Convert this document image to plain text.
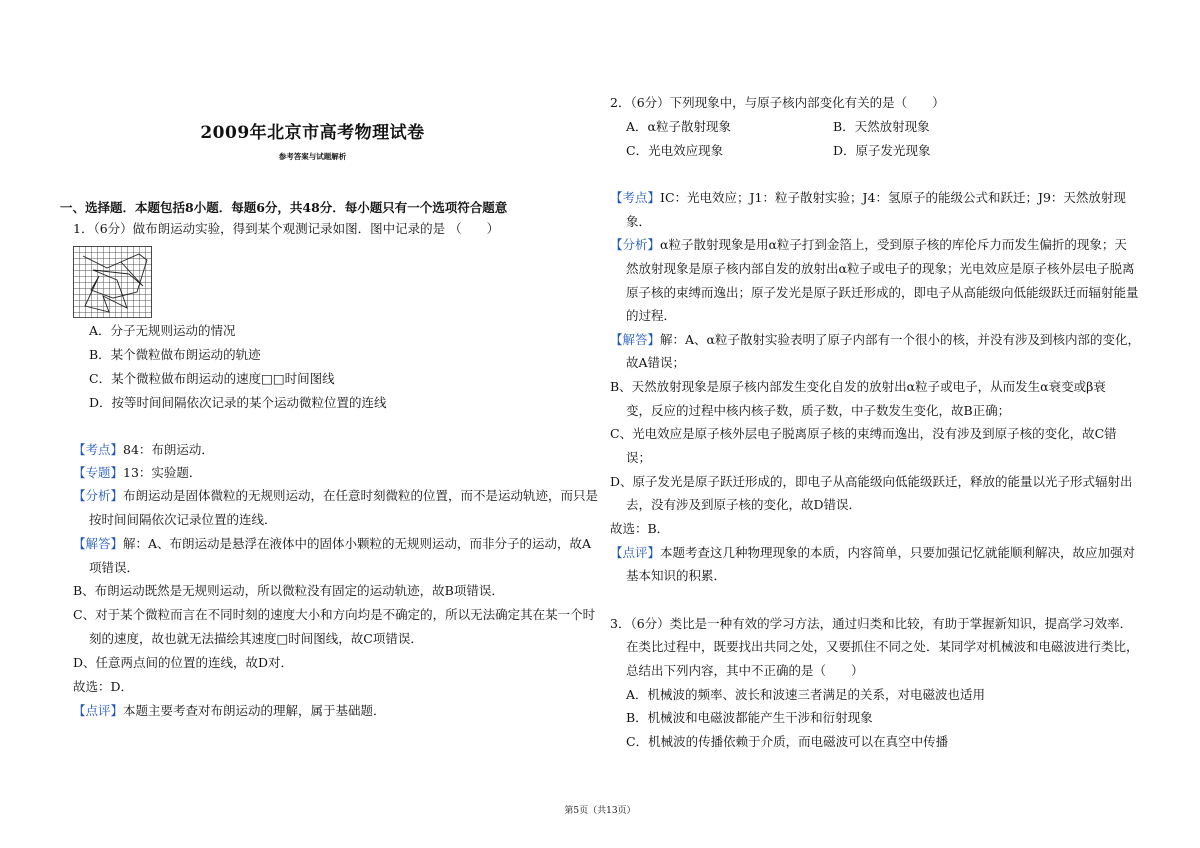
2009年北京市高考物理试卷
参考答案与试题解析
一、选择题．本题包括8小题．每题6分，共48分．每小题只有一个选项符合题意
1．（6分）做布朗运动实验，得到某个观测记录如图．图中记录的是 （　　）
A．分子无规则运动的情况
B．某个微粒做布朗运动的轨迹
C．某个微粒做布朗运动的速度□□时间图线
D．按等时间间隔依次记录的某个运动微粒位置的连线
【考点】84：布朗运动．
【专题】13：实验题．
【分析】布朗运动是固体微粒的无规则运动，在任意时刻微粒的位置，而不是运动轨迹，而只是
按时间间隔依次记录位置的连线．
【解答】解：A、布朗运动是悬浮在液体中的固体小颗粒的无规则运动，而非分子的运动，故A
项错误．
B、布朗运动既然是无规则运动，所以微粒没有固定的运动轨迹，故B项错误．
C、对于某个微粒而言在不同时刻的速度大小和方向均是不确定的，所以无法确定其在某一个时
刻的速度，故也就无法描绘其速度□时间图线，故C项错误．
D、任意两点间的位置的连线，故D对．
故选：D．
【点评】本题主要考查对布朗运动的理解，属于基础题．
2．（6分）下列现象中，与原子核内部变化有关的是（　　）
A．α粒子散射现象	B．天然放射现象
C．光电效应现象	D．原子发光现象
【考点】IC：光电效应；J1：粒子散射实验；J4：氢原子的能级公式和跃迁；J9：天然放射现
象．
【分析】α粒子散射现象是用α粒子打到金箔上，受到原子核的库伦斥力而发生偏折的现象；天
然放射现象是原子核内部自发的放射出α粒子或电子的现象；光电效应是原子核外层电子脱离
原子核的束缚而逸出；原子发光是原子跃迁形成的，即电子从高能级向低能级跃迁而辐射能量
的过程．
【解答】解：A、α粒子散射实验表明了原子内部有一个很小的核，并没有涉及到核内部的变化，
故A错误；
B、天然放射现象是原子核内部发生变化自发的放射出α粒子或电子，从而发生α衰变或β衰
变，反应的过程中核内核子数，质子数，中子数发生变化，故B正确；
C、光电效应是原子核外层电子脱离原子核的束缚而逸出，没有涉及到原子核的变化，故C错
误；
D、原子发光是原子跃迁形成的，即电子从高能级向低能级跃迁，释放的能量以光子形式辐射出
去，没有涉及到原子核的变化，故D错误．
故选：B．
【点评】本题考查这几种物理现象的本质，内容简单，只要加强记忆就能顺利解决，故应加强对
基本知识的积累．
3．（6分）类比是一种有效的学习方法，通过归类和比较，有助于掌握新知识，提高学习效率．
在类比过程中，既要找出共同之处，又要抓住不同之处．某同学对机械波和电磁波进行类比，
总结出下列内容，其中不正确的是（　　）
A．机械波的频率、波长和波速三者满足的关系，对电磁波也适用
B．机械波和电磁波都能产生干涉和衍射现象
C．机械波的传播依赖于介质，而电磁波可以在真空中传播
第5页（共13页）
